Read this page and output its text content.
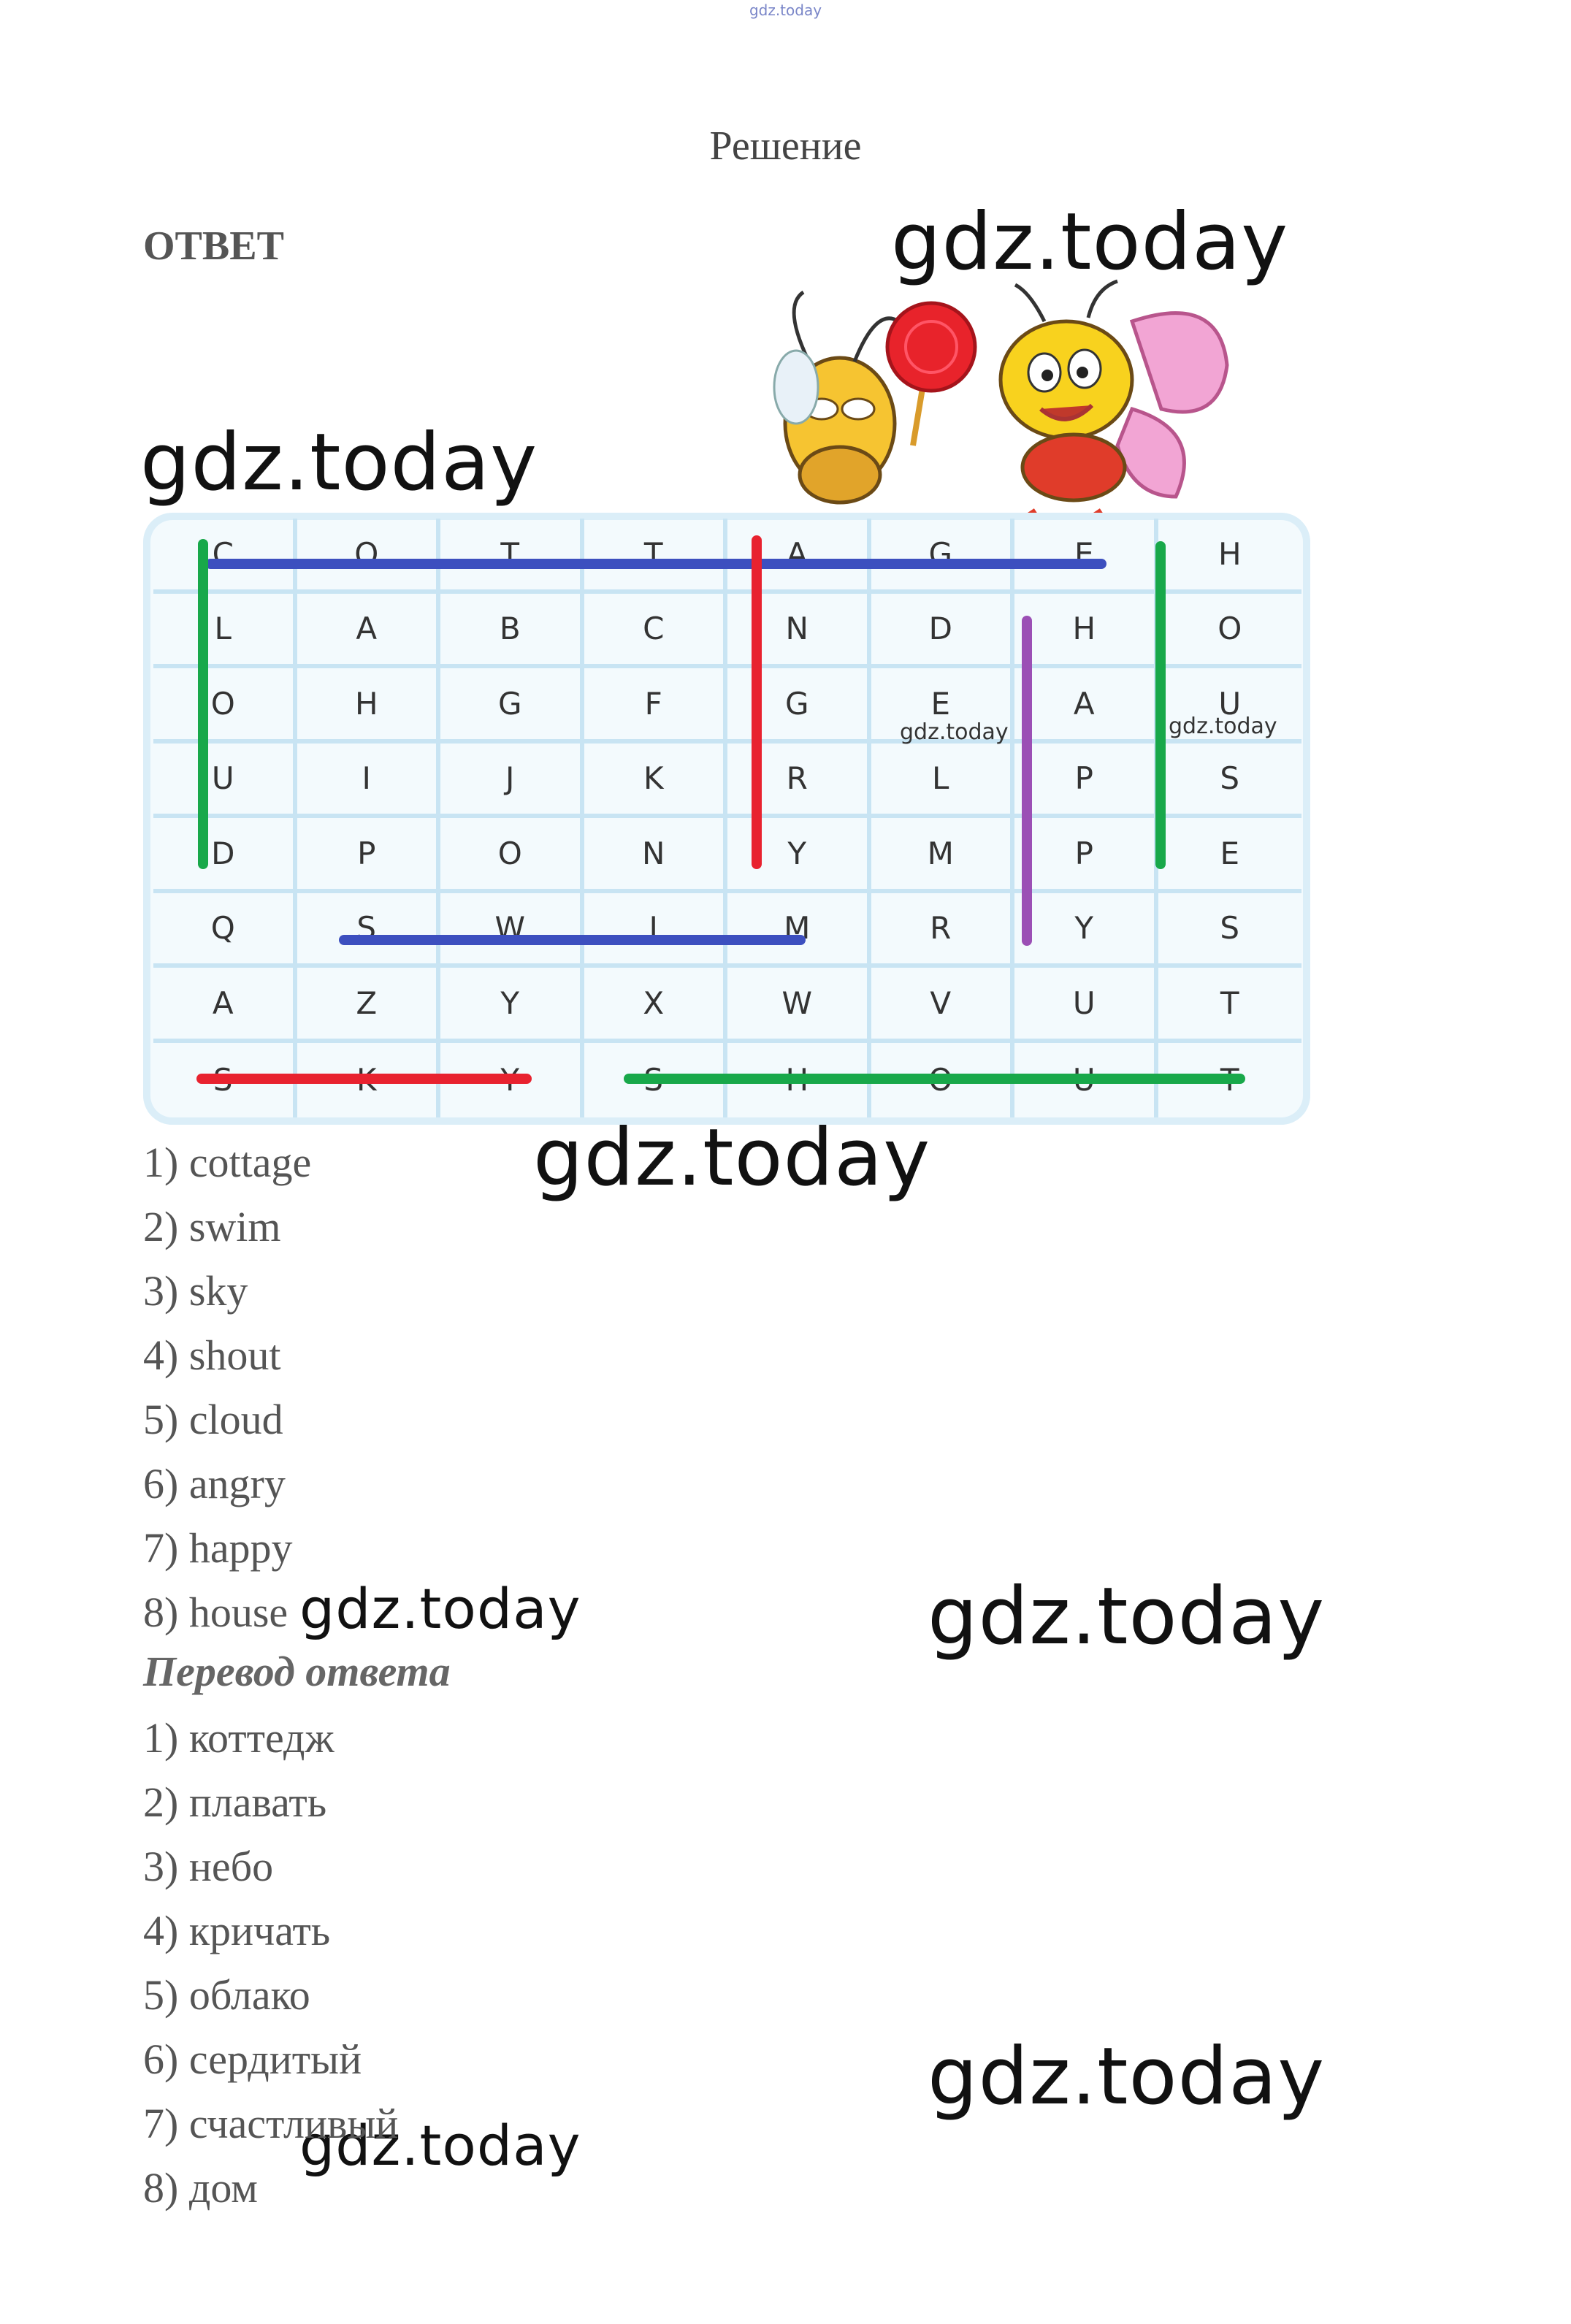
gdz.today
Решение
ОТВЕТ
C	O	T	T	A	G	E	H
L	A	B	C	N	D	H	O
O	H	G	F	G	E	A	U
U	I	J	K	R	L	P	S
D	P	O	N	Y	M	P	E
Q	S	W	I	M	R	Y	S
A	Z	Y	X	W	V	U	T
S	K	Y	S	H	O	U	T
gdz.today	gdz.today
gdz.today
gdz.today
gdz.today
gdz.today	gdz.today
gdz.today
gdz.today
1) cottage
2) swim
3) sky
4) shout
5) cloud
6) angry
7) happy
8) house
Перевод ответа
1) коттедж
2) плавать
3) небо
4) кричать
5) облако
6) сердитый
7) счастливый
8) дом
